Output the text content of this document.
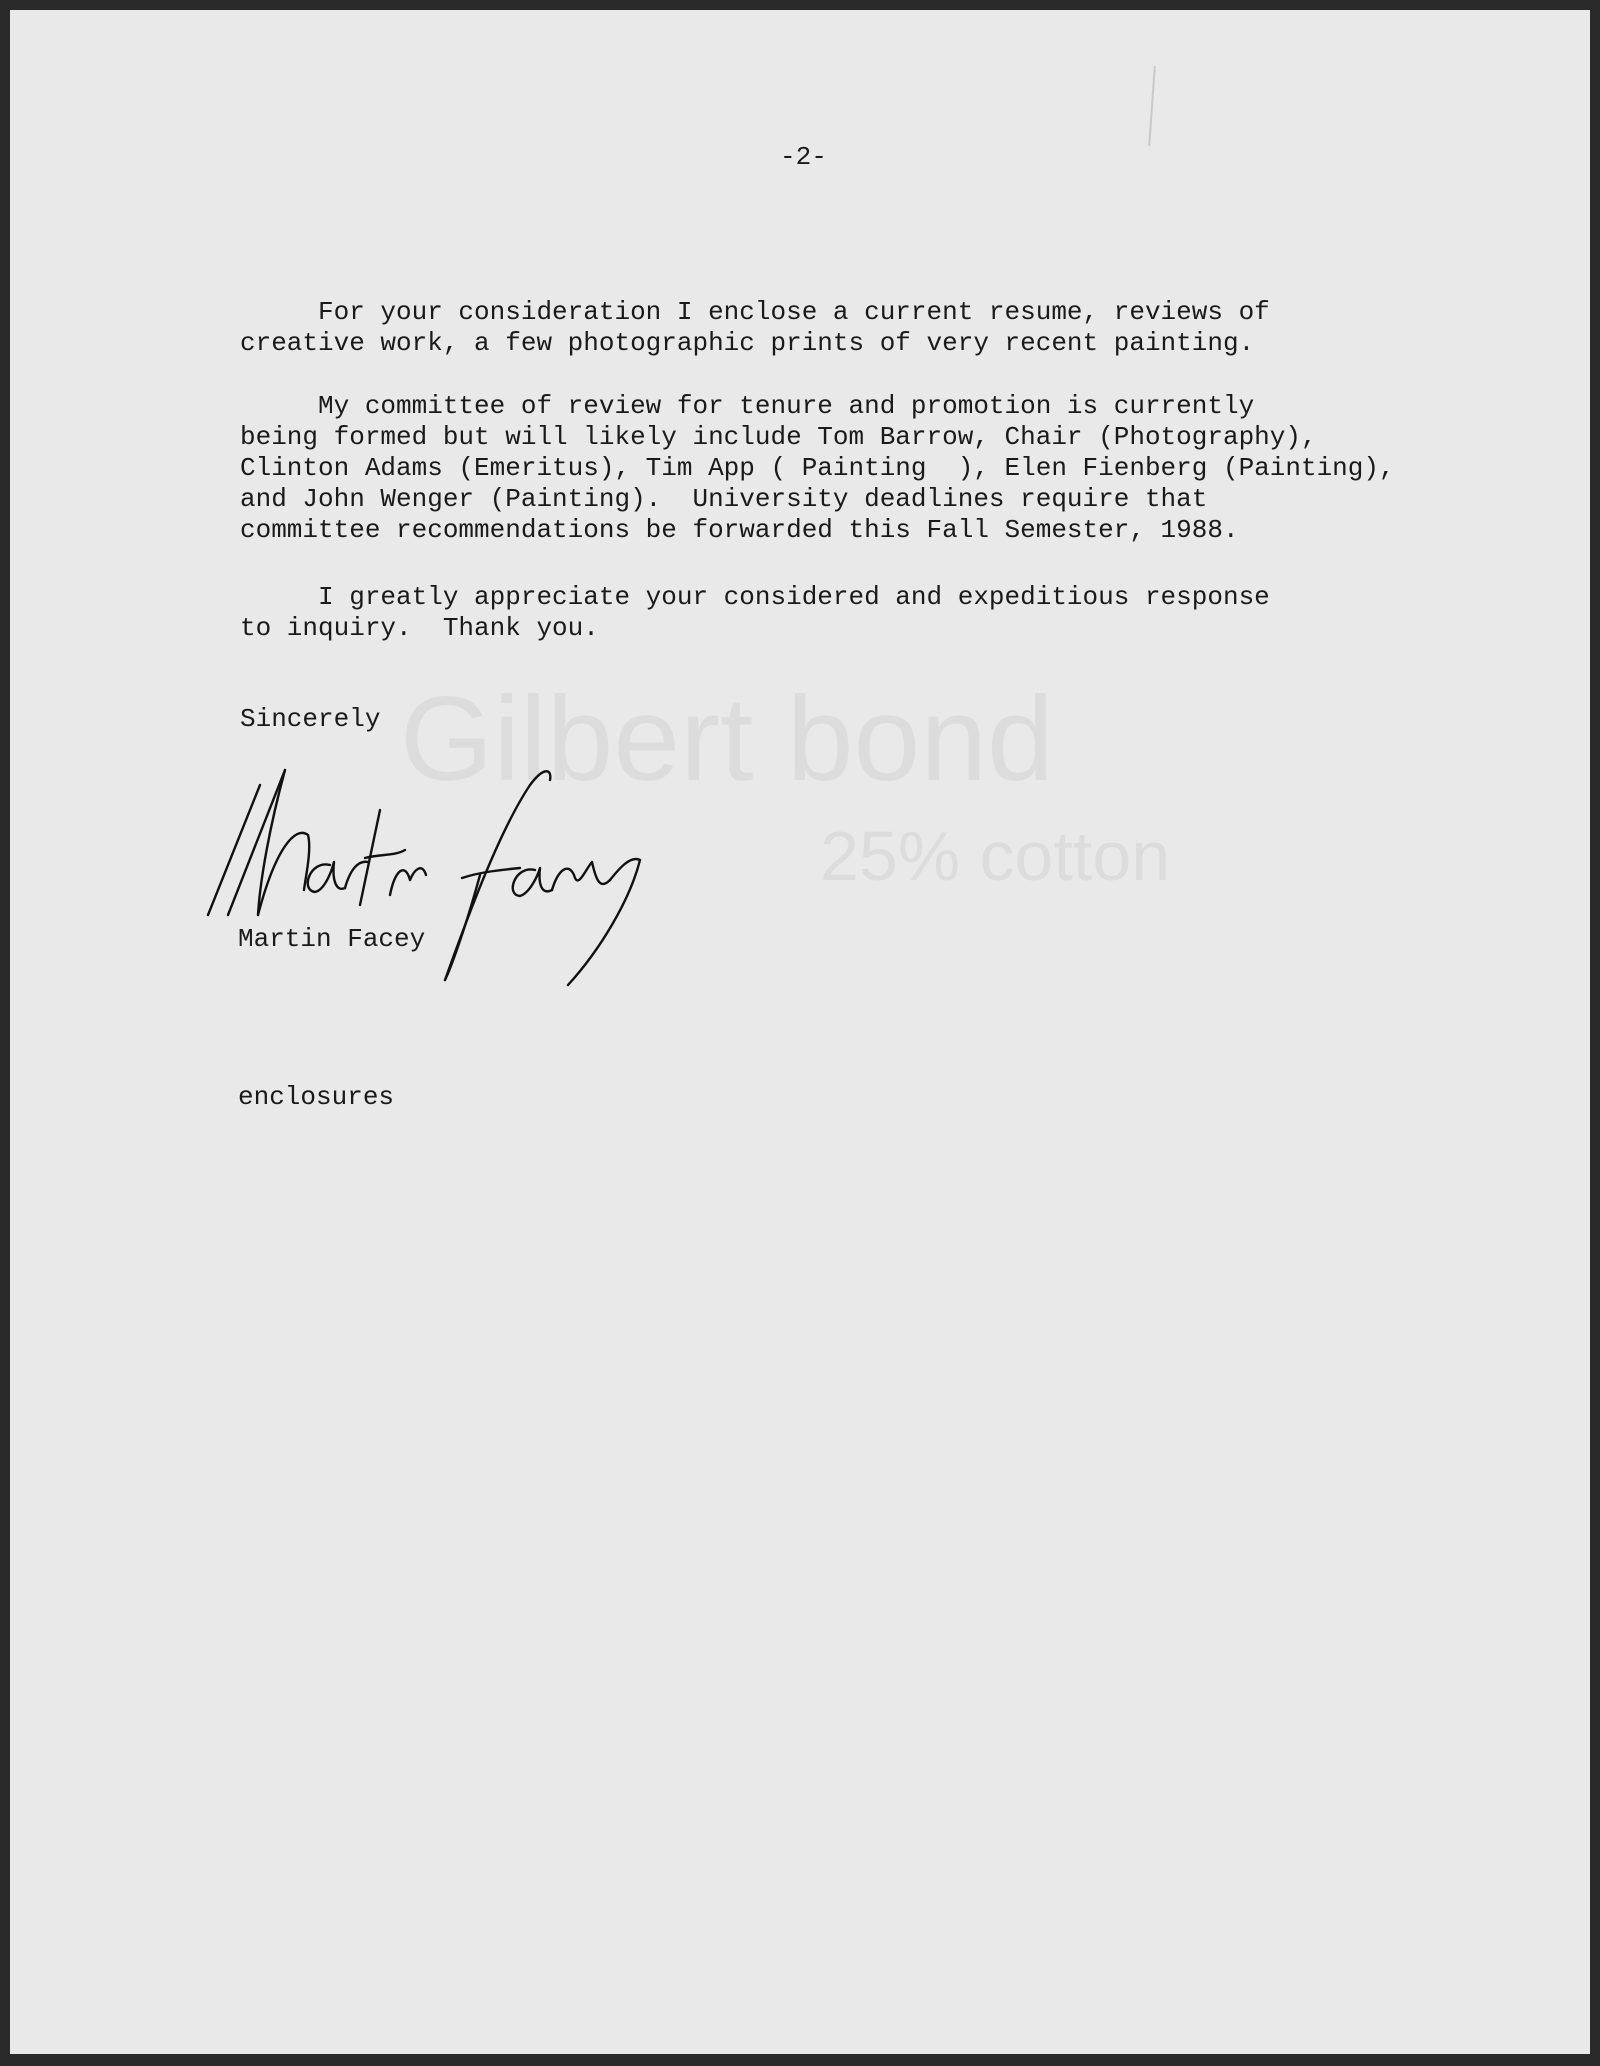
Gilbert bond
25% cotton

-2-

For your consideration I enclose a current resume, reviews of
creative work, a few photographic prints of very recent painting.

My committee of review for tenure and promotion is currently
being formed but will likely include Tom Barrow, Chair (Photography),
Clinton Adams (Emeritus), Tim App ( Painting  ), Elen Fienberg (Painting),
and John Wenger (Painting).  University deadlines require that
committee recommendations be forwarded this Fall Semester, 1988.

I greatly appreciate your considered and expeditious response
to inquiry.  Thank you.

Sincerely

Martin Facey

enclosures
